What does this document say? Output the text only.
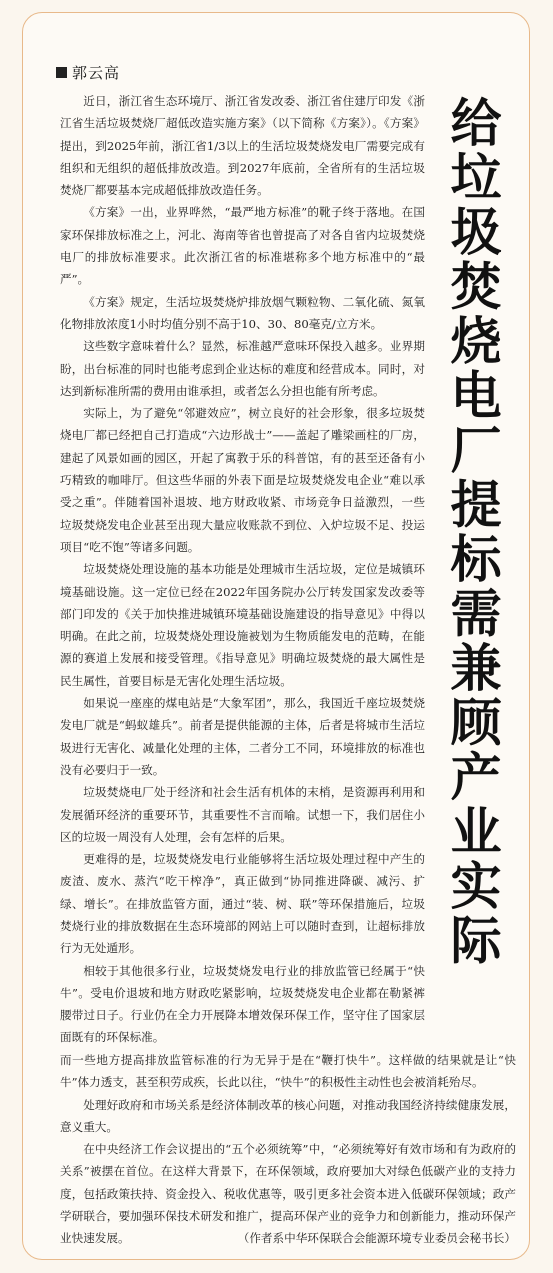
郭云高
给垃圾焚烧电厂提标需兼顾产业实际

近日，浙江省生态环境厅、浙江省发改委、浙江省住建厅印发《浙江省生活垃圾焚烧厂超低改造实施方案》（以下简称《方案》）。《方案》提出，到2025年前，浙江省1/3以上的生活垃圾焚烧发电厂需要完成有组织和无组织的超低排放改造。到2027年底前，全省所有的生活垃圾焚烧厂都要基本完成超低排放改造任务。

《方案》一出，业界哗然，“最严地方标准”的靴子终于落地。在国家环保排放标准之上，河北、海南等省也曾提高了对各自省内垃圾焚烧电厂的排放标准要求。此次浙江省的标准堪称多个地方标准中的“最严”。

《方案》规定，生活垃圾焚烧炉排放烟气颗粒物、二氧化硫、氮氧化物排放浓度1小时均值分别不高于10、30、80毫克/立方米。

这些数字意味着什么？显然，标准越严意味环保投入越多。业界期盼，出台标准的同时也能考虑到企业达标的难度和经营成本。同时，对达到新标准所需的费用由谁承担，或者怎么分担也能有所考虑。

实际上，为了避免“邻避效应”，树立良好的社会形象，很多垃圾焚烧电厂都已经把自己打造成“六边形战士”——盖起了雕梁画柱的厂房，建起了风景如画的园区，开起了寓教于乐的科普馆，有的甚至还备有小巧精致的咖啡厅。但这些华丽的外表下面是垃圾焚烧发电企业“难以承受之重”。伴随着国补退坡、地方财政收紧、市场竞争日益激烈，一些垃圾焚烧发电企业甚至出现大量应收账款不到位、入炉垃圾不足、投运项目“吃不饱”等诸多问题。

垃圾焚烧处理设施的基本功能是处理城市生活垃圾，定位是城镇环境基础设施。这一定位已经在2022年国务院办公厅转发国家发改委等部门印发的《关于加快推进城镇环境基础设施建设的指导意见》中得以明确。在此之前，垃圾焚烧处理设施被划为生物质能发电的范畴，在能源的赛道上发展和接受管理。《指导意见》明确垃圾焚烧的最大属性是民生属性，首要目标是无害化处理生活垃圾。

如果说一座座的煤电站是“大象军团”，那么，我国近千座垃圾焚烧发电厂就是“蚂蚁雄兵”。前者是提供能源的主体，后者是将城市生活垃圾进行无害化、减量化处理的主体，二者分工不同，环境排放的标准也没有必要归于一致。

垃圾焚烧电厂处于经济和社会生活有机体的末梢，是资源再利用和发展循环经济的重要环节，其重要性不言而喻。试想一下，我们居住小区的垃圾一周没有人处理，会有怎样的后果。

更难得的是，垃圾焚烧发电行业能够将生活垃圾处理过程中产生的废渣、废水、蒸汽“吃干榨净”，真正做到“协同推进降碳、减污、扩绿、增长”。在排放监管方面，通过“装、树、联”等环保措施后，垃圾焚烧行业的排放数据在生态环境部的网站上可以随时查到，让超标排放行为无处遁形。

相较于其他很多行业，垃圾焚烧发电行业的排放监管已经属于“快牛”。受电价退坡和地方财政吃紧影响，垃圾焚烧发电企业都在勒紧裤腰带过日子。行业仍在全力开展降本增效保环保工作，坚守住了国家层面既有的环保标准。

而一些地方提高排放监管标准的行为无异于是在“鞭打快牛”。这样做的结果就是让“快牛”体力透支，甚至积劳成疾，长此以往，“快牛”的积极性主动性也会被消耗殆尽。

处理好政府和市场关系是经济体制改革的核心问题，对推动我国经济持续健康发展，意义重大。

在中央经济工作会议提出的“五个必须统筹”中，“必须统筹好有效市场和有为政府的关系”被摆在首位。在这样大背景下，在环保领域，政府要加大对绿色低碳产业的支持力度，包括政策扶持、资金投入、税收优惠等，吸引更多社会资本进入低碳环保领域；政产学研联合，要加强环保技术研发和推广，提高环保产业的竞争力和创新能力，推动环保产业快速发展。	（作者系中华环保联合会能源环境专业委员会秘书长）
